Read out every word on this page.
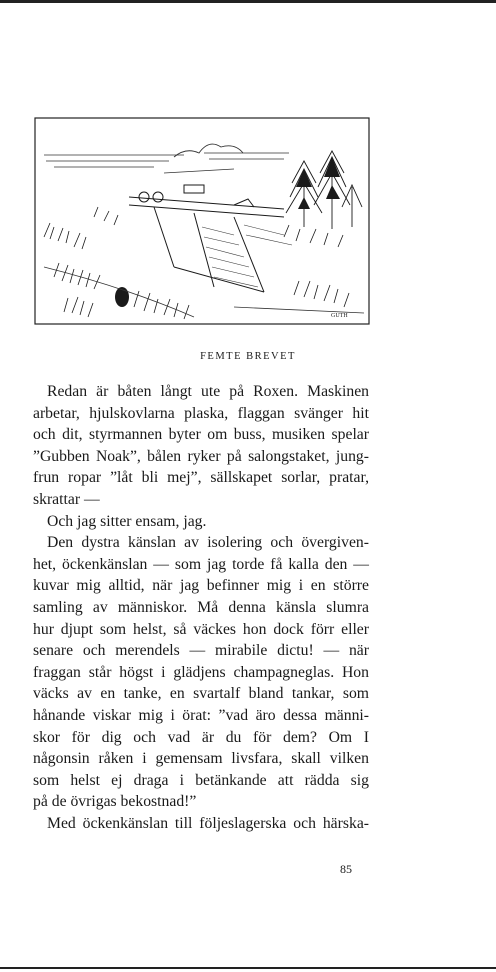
GUTH
FEMTE BREVET
Redan är båten långt ute på Roxen. Maskinen
arbetar, hjulskovlarna plaska, flaggan svänger hit
och dit, styrmannen byter om buss, musiken spelar
”Gubben Noak”, bålen ryker på salongstaket, jung-
frun ropar ”låt bli mej”, sällskapet sorlar, pratar,
skrattar —
Och jag sitter ensam, jag.
Den dystra känslan av isolering och övergiven-
het, öckenkänslan — som jag torde få kalla den —
kuvar mig alltid, när jag befinner mig i en större
samling av människor. Må denna känsla slumra
hur djupt som helst, så väckes hon dock förr eller
senare och merendels — mirabile dictu! — när
fraggan står högst i glädjens champagneglas. Hon
väcks av en tanke, en svartalf bland tankar, som
hånande viskar mig i örat: ”vad äro dessa männi-
skor för dig och vad är du för dem? Om I
någonsin råken i gemensam livsfara, skall vilken
som helst ej draga i betänkande att rädda sig
på de övrigas bekostnad!”
Med öckenkänslan till följeslagerska och härska-
85
